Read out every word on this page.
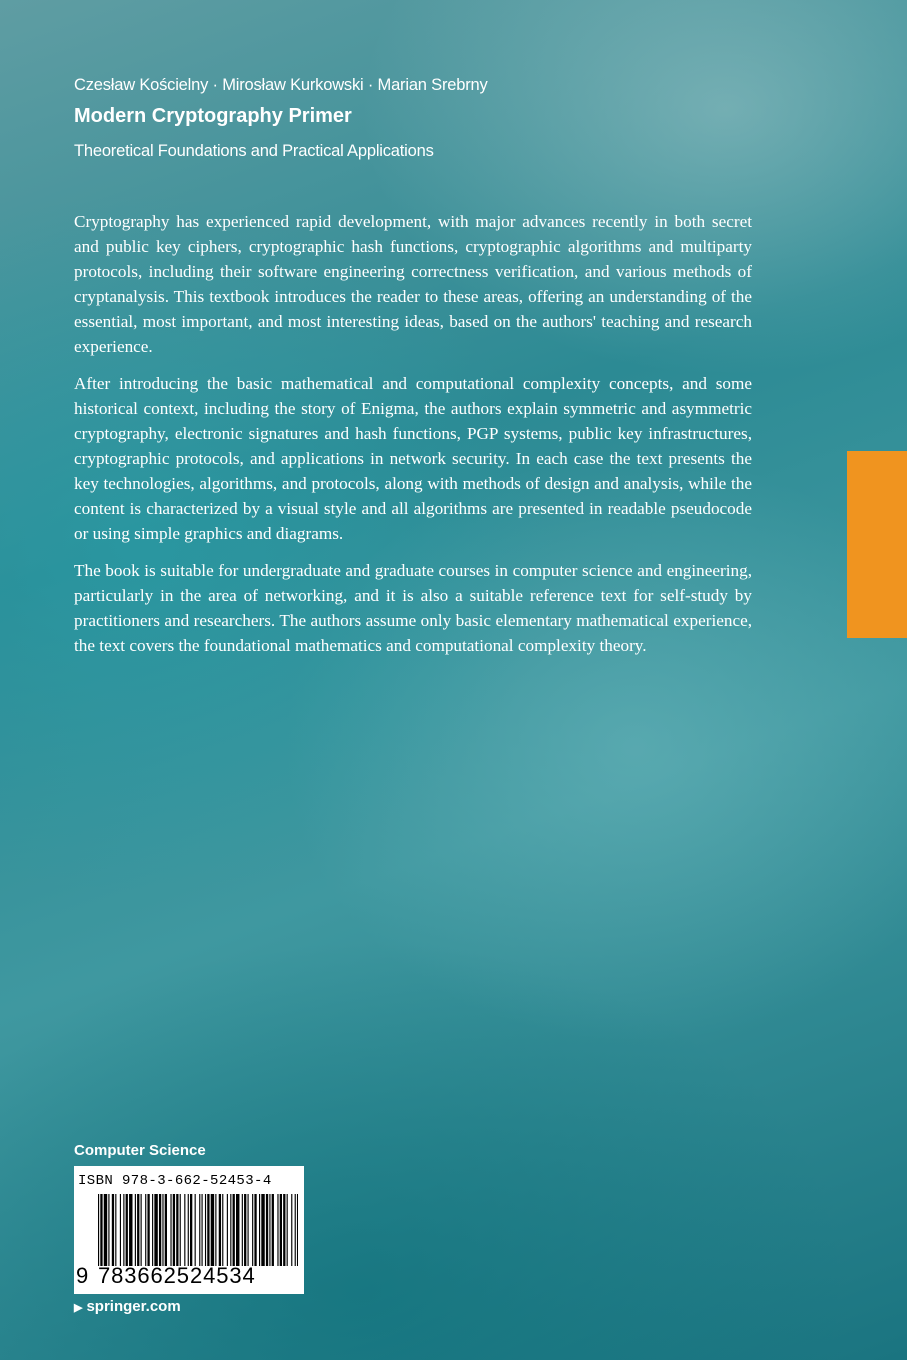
Czesław Kościelny · Mirosław Kurkowski · Marian Srebrny
Modern Cryptography Primer
Theoretical Foundations and Practical Applications

Cryptography has experienced rapid development, with major advances recently in both secret and public key ciphers, cryptographic hash functions, cryptographic algorithms and multiparty protocols, including their software engineering correctness verification, and various methods of cryptanalysis. This textbook introduces the reader to these areas, offering an understanding of the essential, most important, and most interesting ideas, based on the authors' teaching and research experience.

After introducing the basic mathematical and computational complexity concepts, and some historical context, including the story of Enigma, the authors explain symmetric and asymmetric cryptography, electronic signatures and hash functions, PGP systems, public key infrastructures, cryptographic protocols, and applications in network security. In each case the text presents the key technologies, algorithms, and protocols, along with methods of design and analysis, while the content is characterized by a visual style and all algorithms are presented in readable pseudocode or using simple graphics and diagrams.

The book is suitable for undergraduate and graduate courses in computer science and engineering, particularly in the area of networking, and it is also a suitable reference text for self-study by practitioners and researchers. The authors assume only basic elementary mathematical experience, the text covers the foundational mathematics and computational complexity theory.

Computer Science
ISBN 978-3-662-52453-4
9 783662524534
▶ springer.com
